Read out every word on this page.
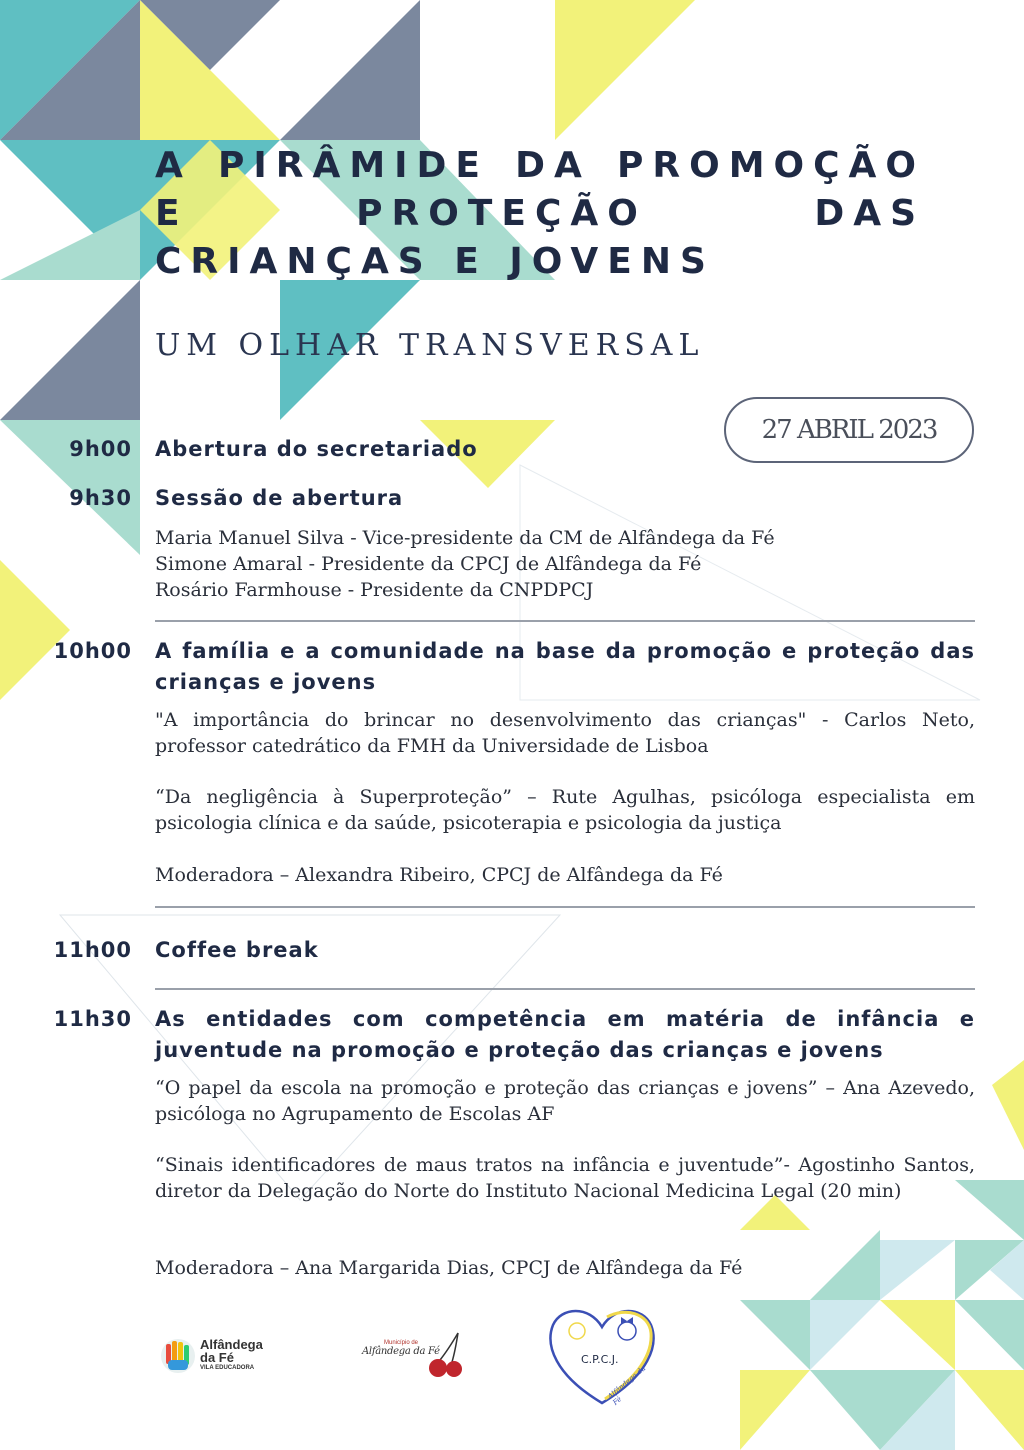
A PIRÂMIDE DA PROMOÇÃO E PROTEÇÃO DAS CRIANÇAS E JOVENS
UM OLHAR TRANSVERSAL
27 ABRIL 2023
9h00 Abertura do secretariado
9h30 Sessão de abertura
Maria Manuel Silva - Vice-presidente da CM de Alfândega da Fé
Simone Amaral - Presidente da CPCJ de Alfândega da Fé
Rosário Farmhouse - Presidente da CNPDPCJ
10h00 A família e a comunidade na base da promoção e proteção das crianças e jovens
"A importância do brincar no desenvolvimento das crianças" - Carlos Neto, professor catedrático da FMH da Universidade de Lisboa
“Da negligência à Superproteção” – Rute Agulhas, psicóloga especialista em psicologia clínica e da saúde, psicoterapia e psicologia da justiça
Moderadora – Alexandra Ribeiro, CPCJ de Alfândega da Fé
11h00 Coffee break
11h30 As entidades com competência em matéria de infância e juventude na promoção e proteção das crianças e jovens
“O papel da escola na promoção e proteção das crianças e jovens” – Ana Azevedo, psicóloga no Agrupamento de Escolas AF
“Sinais identificadores de maus tratos na infância e juventude”- Agostinho Santos, diretor da Delegação do Norte do Instituto Nacional Medicina Legal (20 min)
Moderadora – Ana Margarida Dias, CPCJ de Alfândega da Fé
Alfândega
da Fé
VILA EDUCADORA
Município de
Alfândega da Fé
C.P.C.J.
Alfândega da Fé
